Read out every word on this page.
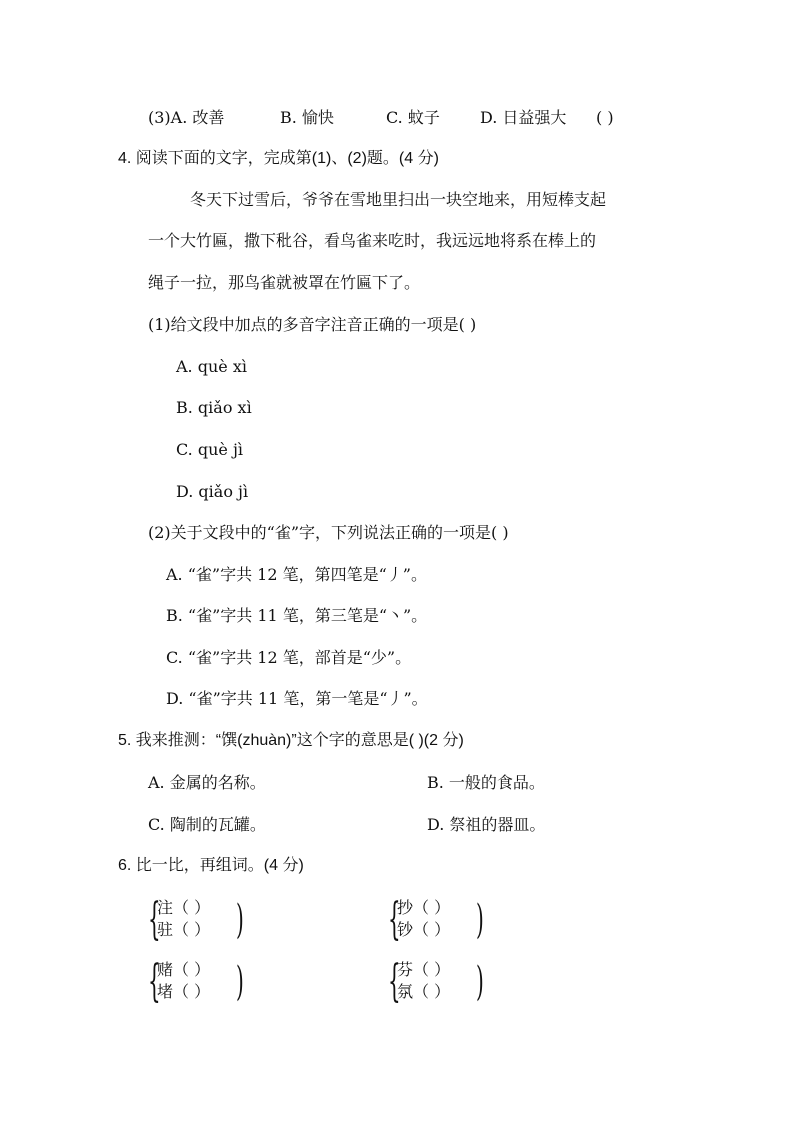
(3)A. 改善	B. 愉快	C. 蚊子	D. 日益强大 ( )
4. 阅读下面的文字，完成第(1)、(2)题。(4 分)
冬天下过雪后，爷爷在雪地里扫出一块空地来，用短棒支起
一个大竹匾，撒下秕谷，看鸟雀来吃时，我远远地将系在棒上的
绳子一拉，那鸟雀就被罩在竹匾下了。
(1)给文段中加点的多音字注音正确的一项是( )
A. què xì
B. qiǎo xì
C. què jì
D. qiǎo jì
(2)关于文段中的“雀”字，下列说法正确的一项是( )
A. “雀”字共 12 笔，第四笔是“丿”。
B. “雀”字共 11 笔，第三笔是“丶”。
C. “雀”字共 12 笔，部首是“少”。
D. “雀”字共 11 笔，第一笔是“丿”。
5. 我来推测：“馔(zhuàn)”这个字的意思是( )(2 分)
A. 金属的名称。	B. 一般的食品。
C. 陶制的瓦罐。	D. 祭祖的器皿。
6. 比一比，再组词。(4 分)
{
注（ ）
驻（ ） )	{
抄（ ）
钞（ ） )
{
赌（ ）
堵（ ） )	{
芬（ ）
氛（ ） )
